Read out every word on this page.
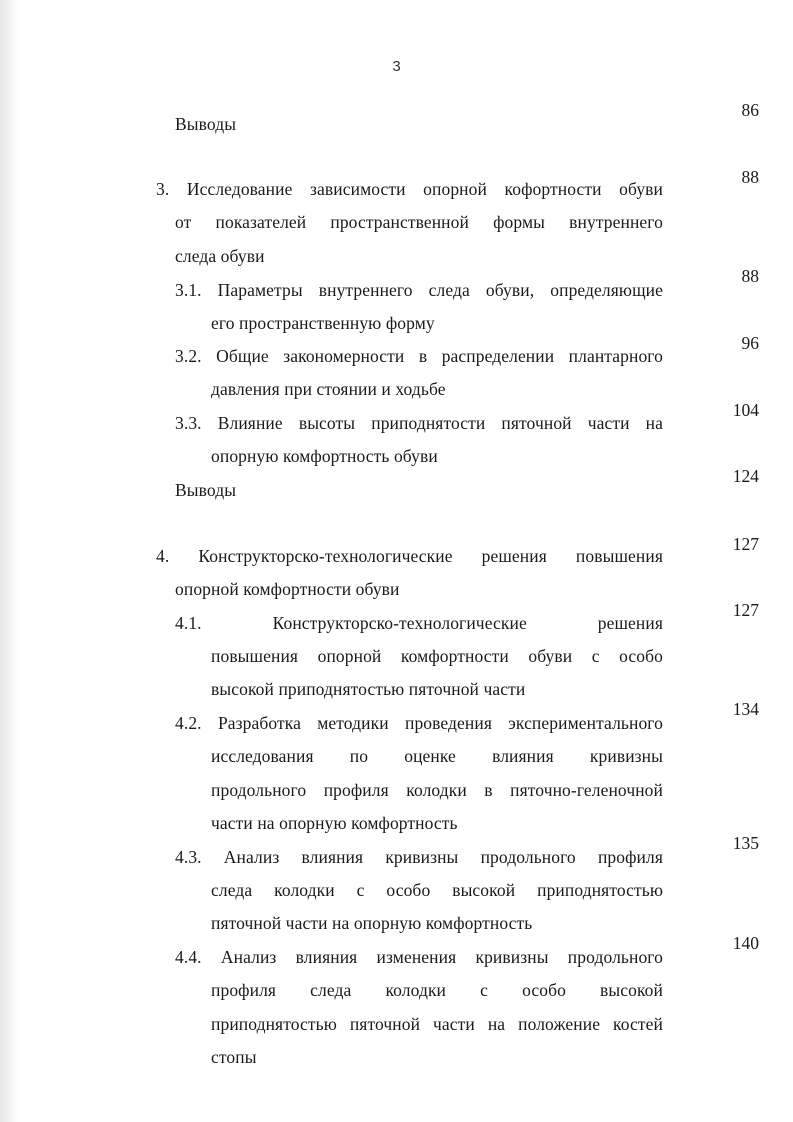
3
Выводы
86
88
3. Исследование зависимости опорной кофортности обуви
от показателей пространственной формы внутреннего
следа обуви
88
3.1. Параметры внутреннего следа обуви, определяющие
его пространственную форму
96
3.2. Общие закономерности в распределении плантарного
давления при стоянии и ходьбе
104
3.3. Влияние высоты приподнятости пяточной части на
опорную комфортность обуви
124
Выводы
127
4. Конструкторско-технологические решения повышения
опорной комфортности обуви
127
4.1. Конструкторско-технологические решения
повышения опорной комфортности обуви с особо
высокой приподнятостью пяточной части
134
4.2. Разработка методики проведения экспериментального
исследования по оценке влияния кривизны
продольного профиля колодки в пяточно-геленочной
части на опорную комфортность
135
4.3. Анализ влияния кривизны продольного профиля
следа колодки с особо высокой приподнятостью
пяточной части на опорную комфортность
140
4.4. Анализ влияния изменения кривизны продольного
профиля следа колодки с особо высокой
приподнятостью пяточной части на положение костей
стопы
